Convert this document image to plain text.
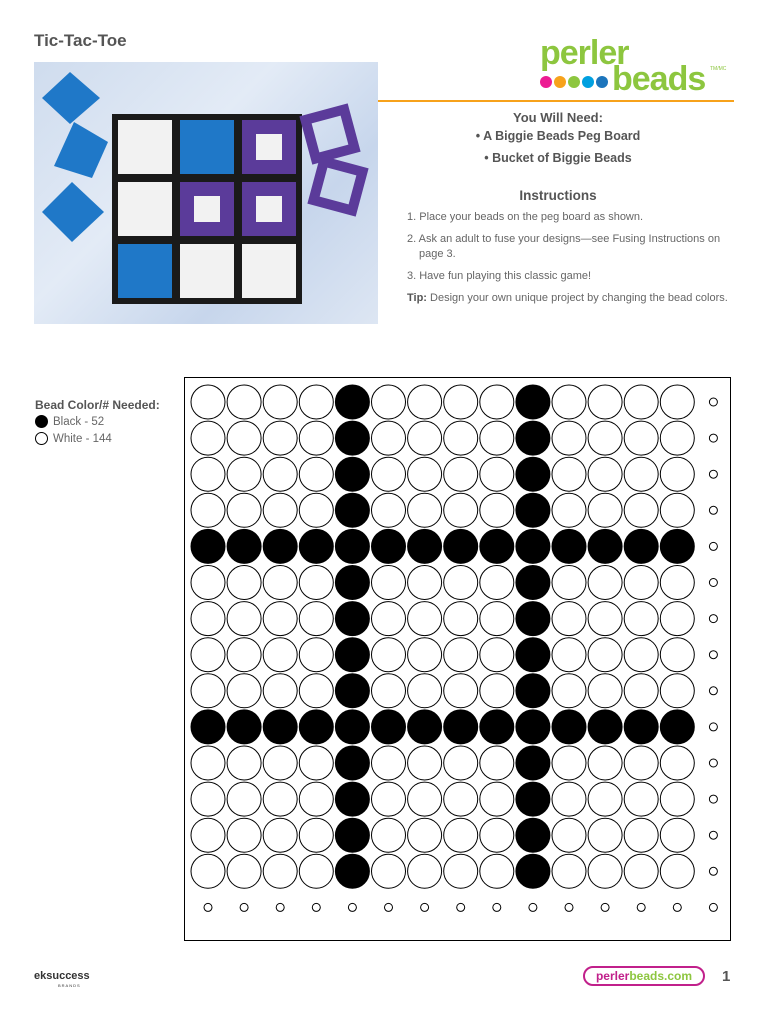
Tic-Tac-Toe	perler
beads TM/MC
You Will Need:
• A Biggie Beads Peg Board
• Bucket of Biggie Beads
Instructions

1. Place your beads on the peg board as shown.

2. Ask an adult to fuse your designs—see Fusing Instructions on page 3.

3. Have fun playing this classic game!

Tip: Design your own unique project by changing the bead colors.

Bead Color/# Needed:
Black - 52
White - 144
eksuccess
BRANDS
perler beads.com 1
